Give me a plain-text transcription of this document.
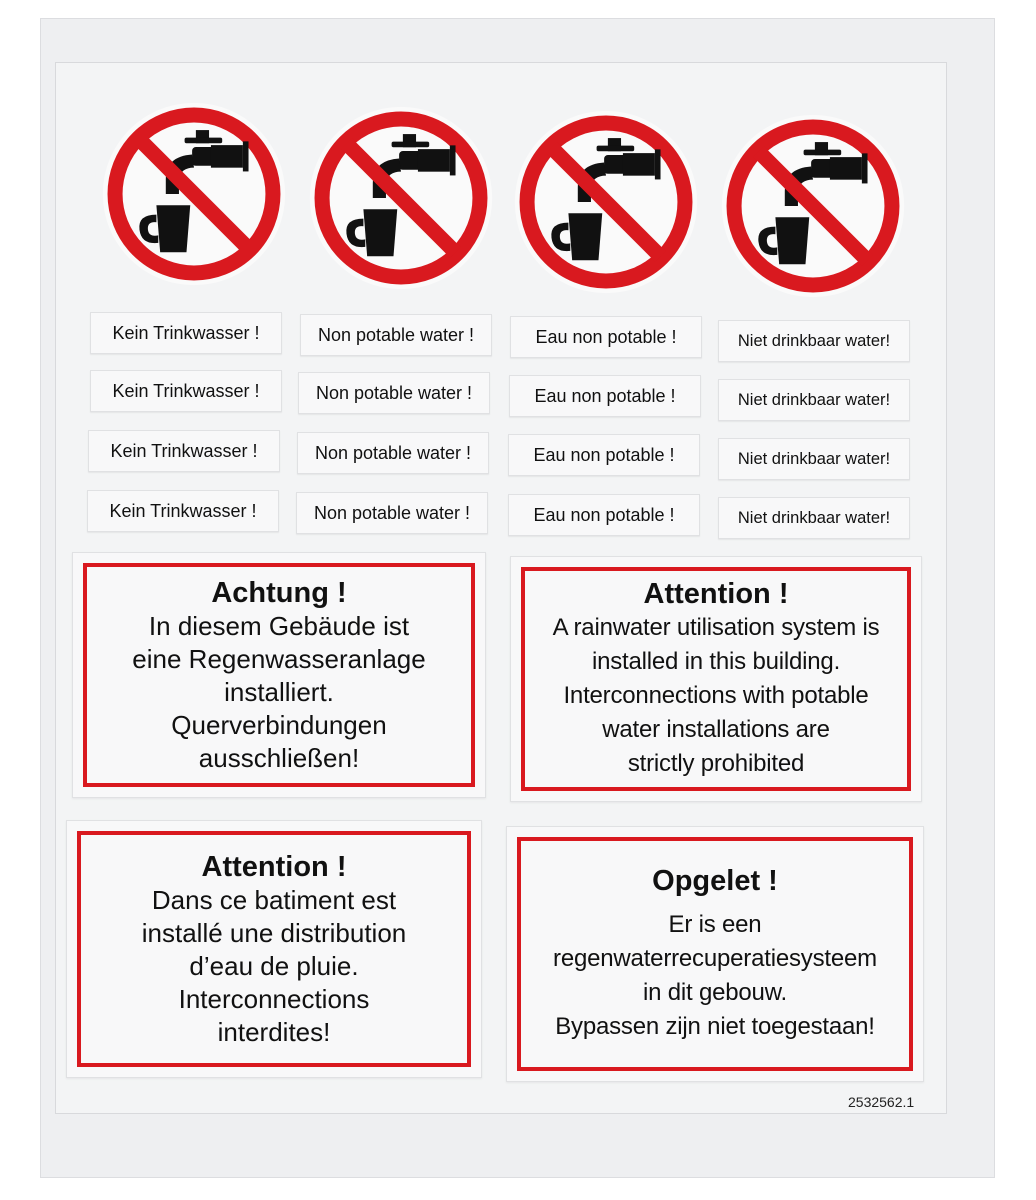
Kein Trinkwasser !	Non potable water !	Eau non potable !	Niet drinkbaar water!
Kein Trinkwasser !	Non potable water !	Eau non potable !	Niet drinkbaar water!
Kein Trinkwasser !	Non potable water !	Eau non potable !	Niet drinkbaar water!
Kein Trinkwasser !	Non potable water !	Eau non potable !	Niet drinkbaar water!
Achtung !
In diesem Gebäude ist
eine Regenwasseranlage
installiert.
Querverbindungen
ausschließen!
Attention !
A rainwater utilisation system is
installed in this building.
Interconnections with potable
water installations are
strictly prohibited
Attention !
Dans ce batiment est
installé une distribution
d’eau de pluie.
Interconnections
interdites!
Opgelet !
Er is een
regenwaterrecuperatiesysteem
in dit gebouw.
Bypassen zijn niet toegestaan!
2532562.1
